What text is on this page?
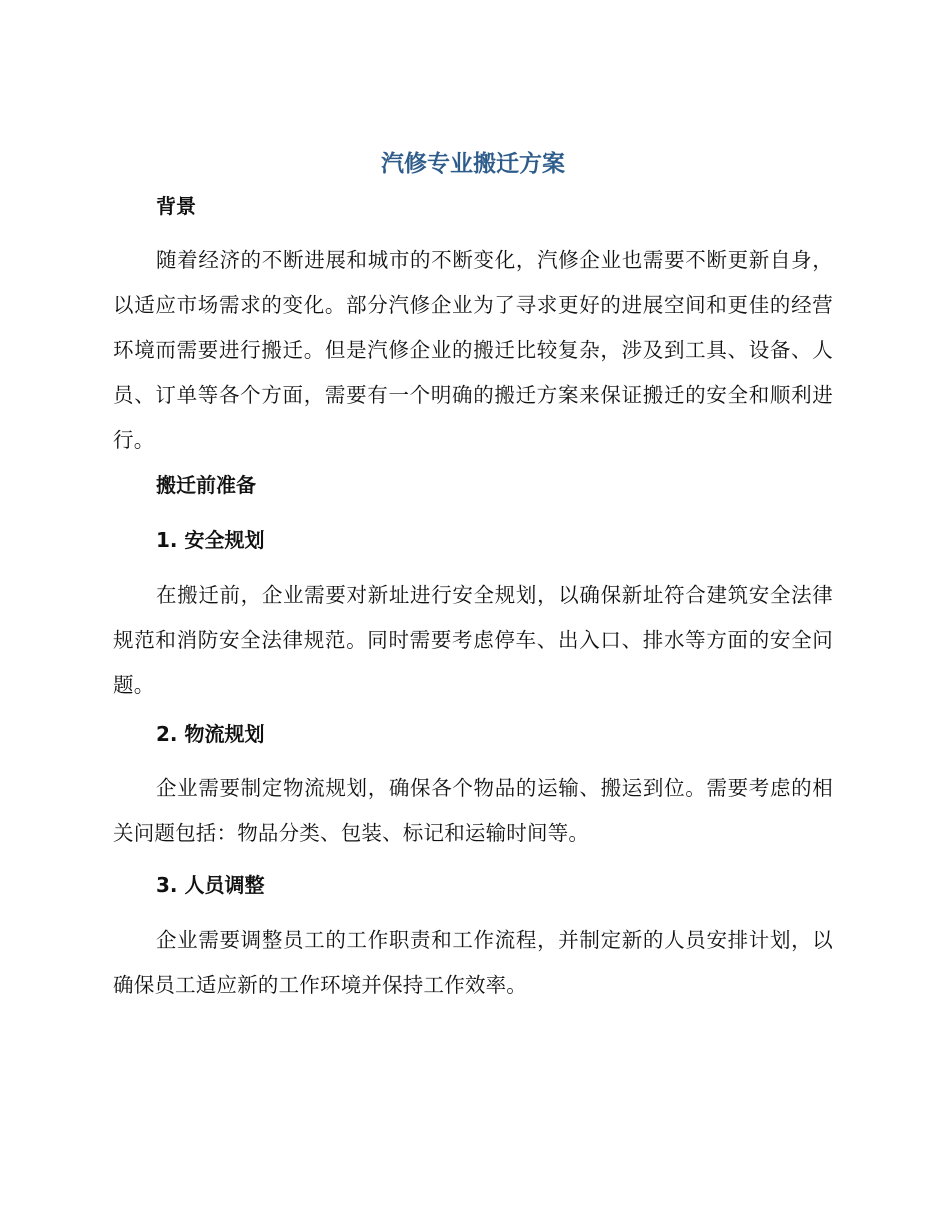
汽修专业搬迁方案
背景

随着经济的不断进展和城市的不断变化，汽修企业也需要不断更新自身，以适应市场需求的变化。部分汽修企业为了寻求更好的进展空间和更佳的经营环境而需要进行搬迁。但是汽修企业的搬迁比较复杂，涉及到工具、设备、人员、订单等各个方面，需要有一个明确的搬迁方案来保证搬迁的安全和顺利进行。

搬迁前准备
1. 安全规划

在搬迁前，企业需要对新址进行安全规划，以确保新址符合建筑安全法律规范和消防安全法律规范。同时需要考虑停车、出入口、排水等方面的安全问题。

2. 物流规划

企业需要制定物流规划，确保各个物品的运输、搬运到位。需要考虑的相关问题包括：物品分类、包装、标记和运输时间等。

3. 人员调整

企业需要调整员工的工作职责和工作流程，并制定新的人员安排计划，以确保员工适应新的工作环境并保持工作效率。
